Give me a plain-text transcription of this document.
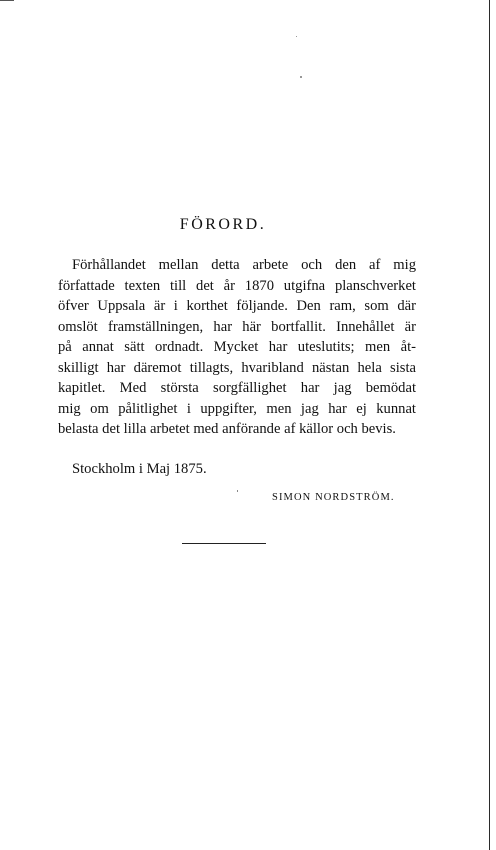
FÖRORD.
Förhållandet mellan detta arbete och den af mig
författade texten till det år 1870 utgifna planschverket
öfver Uppsala är i korthet följande. Den ram, som där
omslöt framställningen, har här bortfallit. Innehållet är
på annat sätt ordnadt. Mycket har uteslutits; men åt-
skilligt har däremot tillagts, hvaribland nästan hela sista
kapitlet. Med största sorgfällighet har jag bemödat
mig om pålitlighet i uppgifter, men jag har ej kunnat
belasta det lilla arbetet med anförande af källor och bevis.
Stockholm i Maj 1875.
SIMON NORDSTRÖM.
